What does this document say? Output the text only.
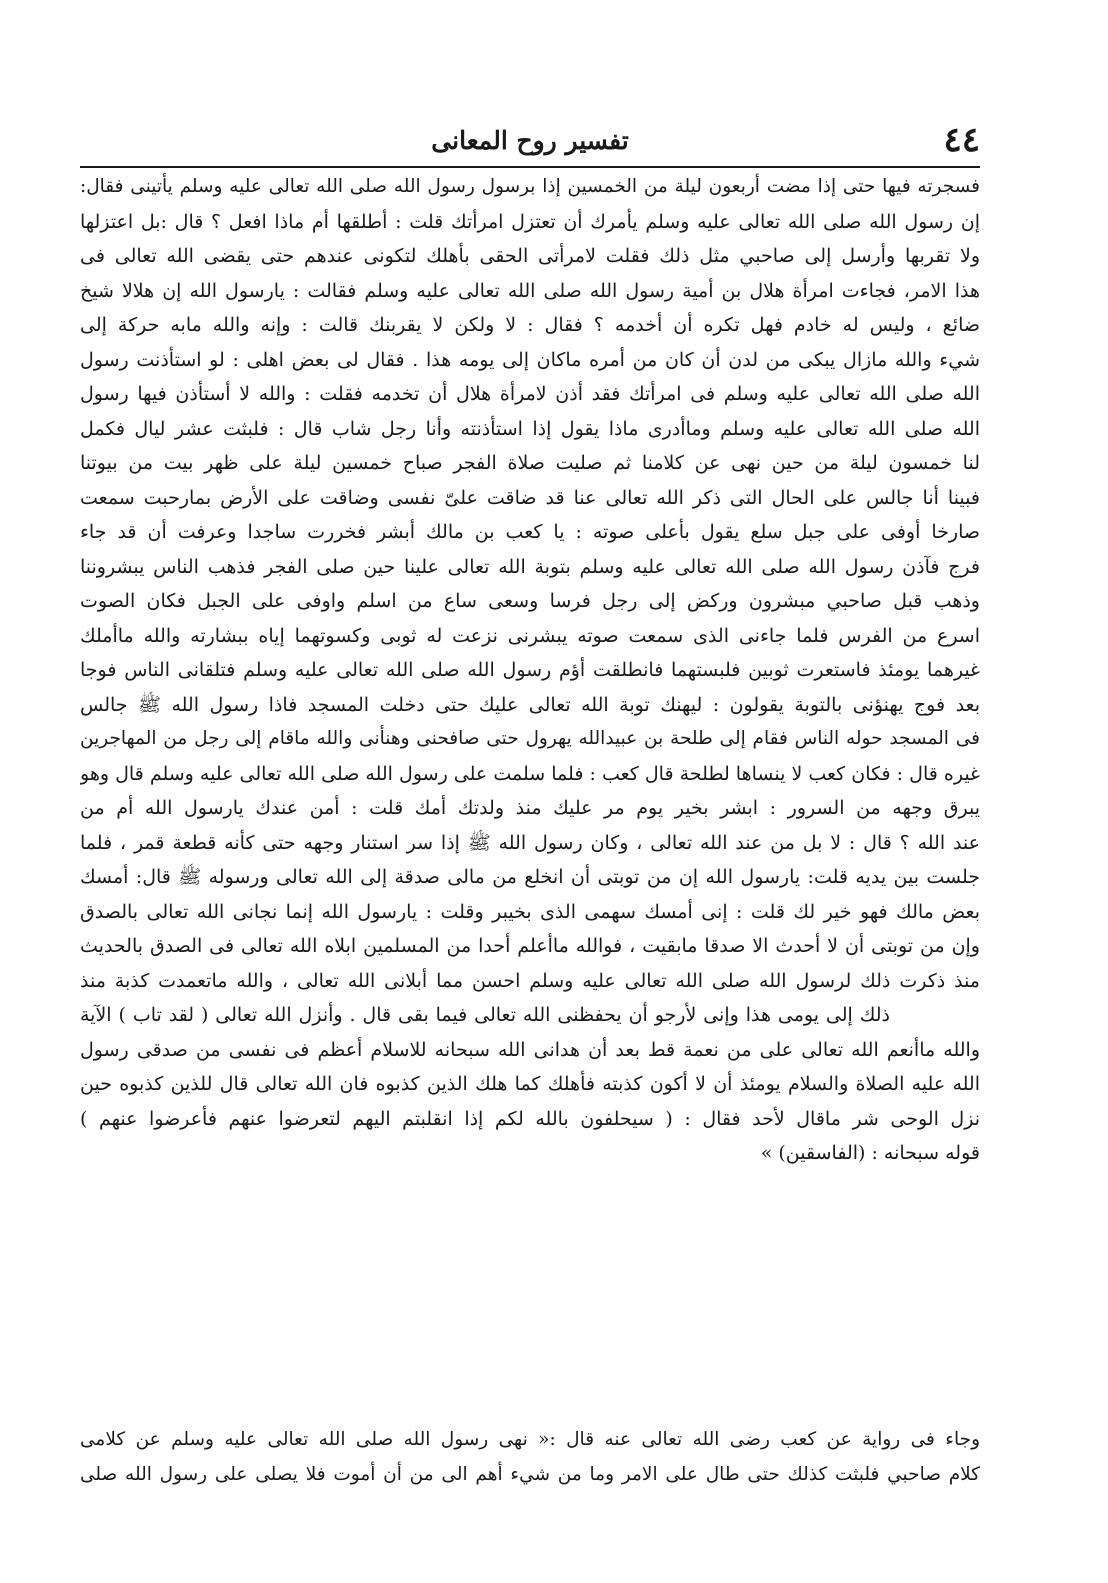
٤٤
تفسير روح المعانى
فسجرته فيها حتى إذا مضت أربعون ليلة من الخمسين إذا برسول رسول الله صلى الله تعالى عليه وسلم يأتينى فقال:
إن رسول الله صلى الله تعالى عليه وسلم يأمرك أن تعتزل امرأتك قلت : أطلقها أم ماذا افعل ؟ قال :بل اعتزلها
ولا تقربها وأرسل إلى صاحبي مثل ذلك فقلت لامرأتى الحقى بأهلك لتكونى عندهم حتى يقضى الله تعالى فى
هذا الامر، فجاءت امرأة هلال بن أمية رسول الله صلى الله تعالى عليه وسلم فقالت : يارسول الله إن هلالا شيخ
ضائع ، وليس له خادم فهل تكره أن أخدمه ؟ فقال : لا ولكن لا يقربنك قالت : وإنه والله مابه حركة إلى
شيء والله مازال يبكى من لدن أن كان من أمره ماكان إلى يومه هذا . فقال لى بعض اهلى : لو استأذنت رسول
الله صلى الله تعالى عليه وسلم فى امرأتك فقد أذن لامرأة هلال أن تخدمه فقلت : والله لا أستأذن فيها رسول
الله صلى الله تعالى عليه وسلم وماأدرى ماذا يقول إذا استأذنته وأنا رجل شاب قال : فلبثت عشر ليال فكمل
لنا خمسون ليلة من حين نهى عن كلامنا ثم صليت صلاة الفجر صباح خمسين ليلة على ظهر بيت من بيوتنا
فبينا أنا جالس على الحال التى ذكر الله تعالى عنا قد ضاقت علىّ نفسى وضاقت على الأرض بمارحبت سمعت
صارخا أوفى على جبل سلع يقول بأعلى صوته : يا كعب بن مالك أبشر فخررت ساجدا وعرفت أن قد جاء
فرج فآذن رسول الله صلى الله تعالى عليه وسلم بتوبة الله تعالى علينا حين صلى الفجر فذهب الناس يبشروننا
وذهب قبل صاحبي مبشرون وركض إلى رجل فرسا وسعى ساع من اسلم واوفى على الجبل فكان الصوت
اسرع من الفرس فلما جاءنى الذى سمعت صوته يبشرنى نزعت له ثوبى وكسوتهما إياه ببشارته والله ماأملك
غيرهما يومئذ فاستعرت ثوبين فلبستهما فانطلقت أؤم رسول الله صلى الله تعالى عليه وسلم فتلقانى الناس فوجا
بعد فوج يهنؤنى بالتوبة يقولون : ليهنك توبة الله تعالى عليك حتى دخلت المسجد فاذا رسول الله ﷺ جالس
فى المسجد حوله الناس فقام إلى طلحة بن عبيدالله يهرول حتى صافحنى وهنأنى والله ماقام إلى رجل من المهاجرين
غيره قال : فكان كعب لا ينساها لطلحة قال كعب : فلما سلمت على رسول الله صلى الله تعالى عليه وسلم قال وهو
يبرق وجهه من السرور : ابشر بخير يوم مر عليك منذ ولدتك أمك قلت : أمن عندك يارسول الله أم من
عند الله ؟ قال : لا بل من عند الله تعالى ، وكان رسول الله ﷺ إذا سر استنار وجهه حتى كأنه قطعة قمر ، فلما
جلست بين يديه قلت: يارسول الله إن من توبتى أن انخلع من مالى صدقة إلى الله تعالى ورسوله ﷺ قال: أمسك
بعض مالك فهو خير لك قلت : إنى أمسك سهمى الذى بخيبر وقلت : يارسول الله إنما نجانى الله تعالى بالصدق
وإن من توبتى أن لا أحدث الا صدقا مابقيت ، فوالله ماأعلم أحدا من المسلمين ابلاه الله تعالى فى الصدق بالحديث
منذ ذكرت ذلك لرسول الله صلى الله تعالى عليه وسلم احسن مما أبلانى الله تعالى ، والله ماتعمدت كذبة منذ
ذلك إلى يومى هذا وإنى لأرجو أن يحفظنى الله تعالى فيما بقى قال . وأنزل الله تعالى ( لقد تاب ) الآية
والله ماأنعم الله تعالى على من نعمة قط بعد أن هدانى الله سبحانه للاسلام أعظم فى نفسى من صدقى رسول
الله عليه الصلاة والسلام يومئذ أن لا أكون كذبته فأهلك كما هلك الذين كذبوه فان الله تعالى قال للذين كذبوه حين
نزل الوحى شر ماقال لأحد فقال : ( سيحلفون بالله لكم إذا انقلبتم اليهم لتعرضوا عنهم فأعرضوا عنهم )
قوله سبحانه : (الفاسقين) »
وجاء فى رواية عن كعب رضى الله تعالى عنه قال :« نهى رسول الله صلى الله تعالى عليه وسلم عن كلامى
كلام صاحبي فلبثت كذلك حتى طال على الامر وما من شيء أهم الى من أن أموت فلا يصلى على رسول الله صلى
